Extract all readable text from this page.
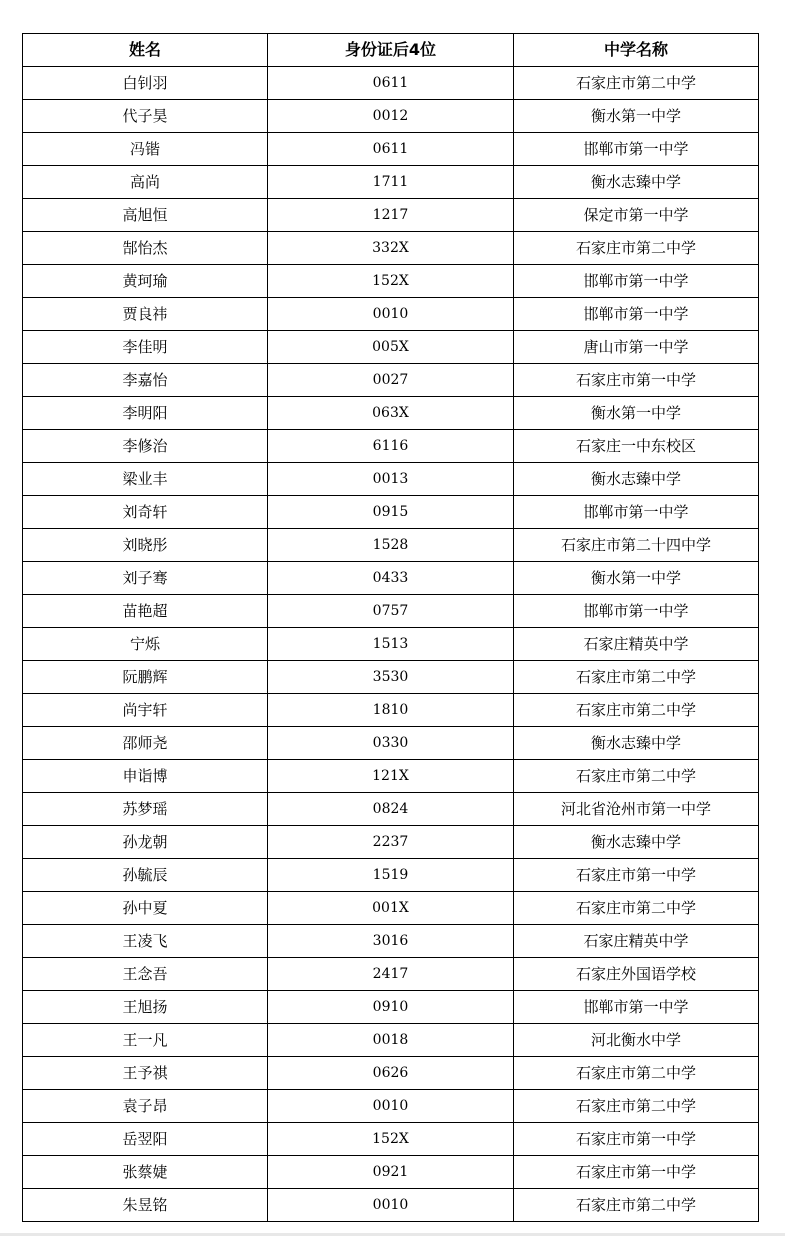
姓名	身份证后4位	中学名称
白钊羽	0611	石家庄市第二中学
代子昊	0012	衡水第一中学
冯锴	0611	邯郸市第一中学
高尚	1711	衡水志臻中学
高旭恒	1217	保定市第一中学
郜怡杰	332X	石家庄市第二中学
黄珂瑜	152X	邯郸市第一中学
贾良祎	0010	邯郸市第一中学
李佳明	005X	唐山市第一中学
李嘉怡	0027	石家庄市第一中学
李明阳	063X	衡水第一中学
李修治	6116	石家庄一中东校区
梁业丰	0013	衡水志臻中学
刘奇轩	0915	邯郸市第一中学
刘晓彤	1528	石家庄市第二十四中学
刘子骞	0433	衡水第一中学
苗艳超	0757	邯郸市第一中学
宁烁	1513	石家庄精英中学
阮鹏辉	3530	石家庄市第二中学
尚宇轩	1810	石家庄市第二中学
邵师尧	0330	衡水志臻中学
申诣博	121X	石家庄市第二中学
苏梦瑶	0824	河北省沧州市第一中学
孙龙朝	2237	衡水志臻中学
孙毓辰	1519	石家庄市第一中学
孙中夏	001X	石家庄市第二中学
王凌飞	3016	石家庄精英中学
王念吾	2417	石家庄外国语学校
王旭扬	0910	邯郸市第一中学
王一凡	0018	河北衡水中学
王予祺	0626	石家庄市第二中学
袁子昂	0010	石家庄市第二中学
岳翌阳	152X	石家庄市第一中学
张蔡婕	0921	石家庄市第一中学
朱昱铭	0010	石家庄市第二中学
